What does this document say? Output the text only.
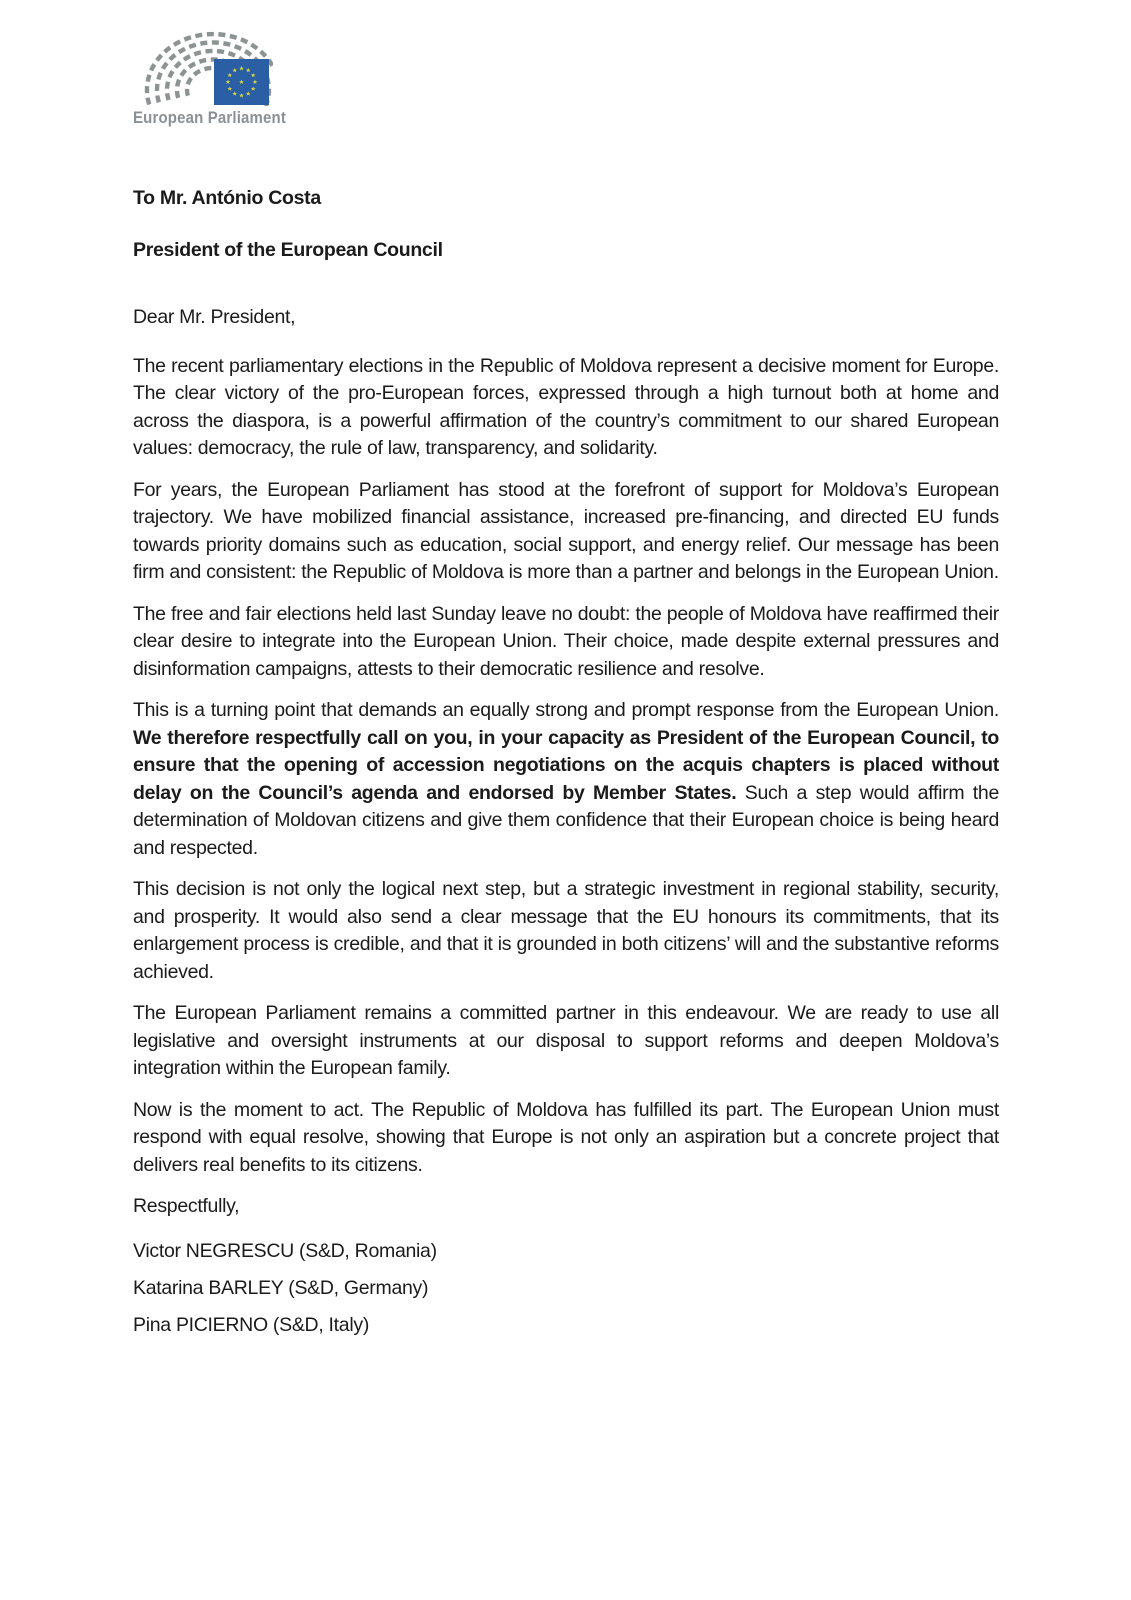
European Parliament

To Mr. António Costa

President of the European Council

Dear Mr. President,

The recent parliamentary elections in the Republic of Moldova represent a decisive moment for Europe. The clear victory of the pro-European forces, expressed through a high turnout both at home and across the diaspora, is a powerful affirmation of the country’s commitment to our shared European values: democracy, the rule of law, transparency, and solidarity.

For years, the European Parliament has stood at the forefront of support for Moldova’s European trajectory. We have mobilized financial assistance, increased pre-financing, and directed EU funds towards priority domains such as education, social support, and energy relief. Our message has been firm and consistent: the Republic of Moldova is more than a partner and belongs in the European Union.

The free and fair elections held last Sunday leave no doubt: the people of Moldova have reaffirmed their clear desire to integrate into the European Union. Their choice, made despite external pressures and disinformation campaigns, attests to their democratic resilience and resolve.

This is a turning point that demands an equally strong and prompt response from the European Union. We therefore respectfully call on you, in your capacity as President of the European Council, to ensure that the opening of accession negotiations on the acquis chapters is placed without delay on the Council’s agenda and endorsed by Member States. Such a step would affirm the determination of Moldovan citizens and give them confidence that their European choice is being heard and respected.

This decision is not only the logical next step, but a strategic investment in regional stability, security, and prosperity. It would also send a clear message that the EU honours its commitments, that its enlargement process is credible, and that it is grounded in both citizens’ will and the substantive reforms achieved.

The European Parliament remains a committed partner in this endeavour. We are ready to use all legislative and oversight instruments at our disposal to support reforms and deepen Moldova’s integration within the European family.

Now is the moment to act. The Republic of Moldova has fulfilled its part. The European Union must respond with equal resolve, showing that Europe is not only an aspiration but a concrete project that delivers real benefits to its citizens.

Respectfully,

Victor NEGRESCU (S&D, Romania)

Katarina BARLEY (S&D, Germany)

Pina PICIERNO (S&D, Italy)
